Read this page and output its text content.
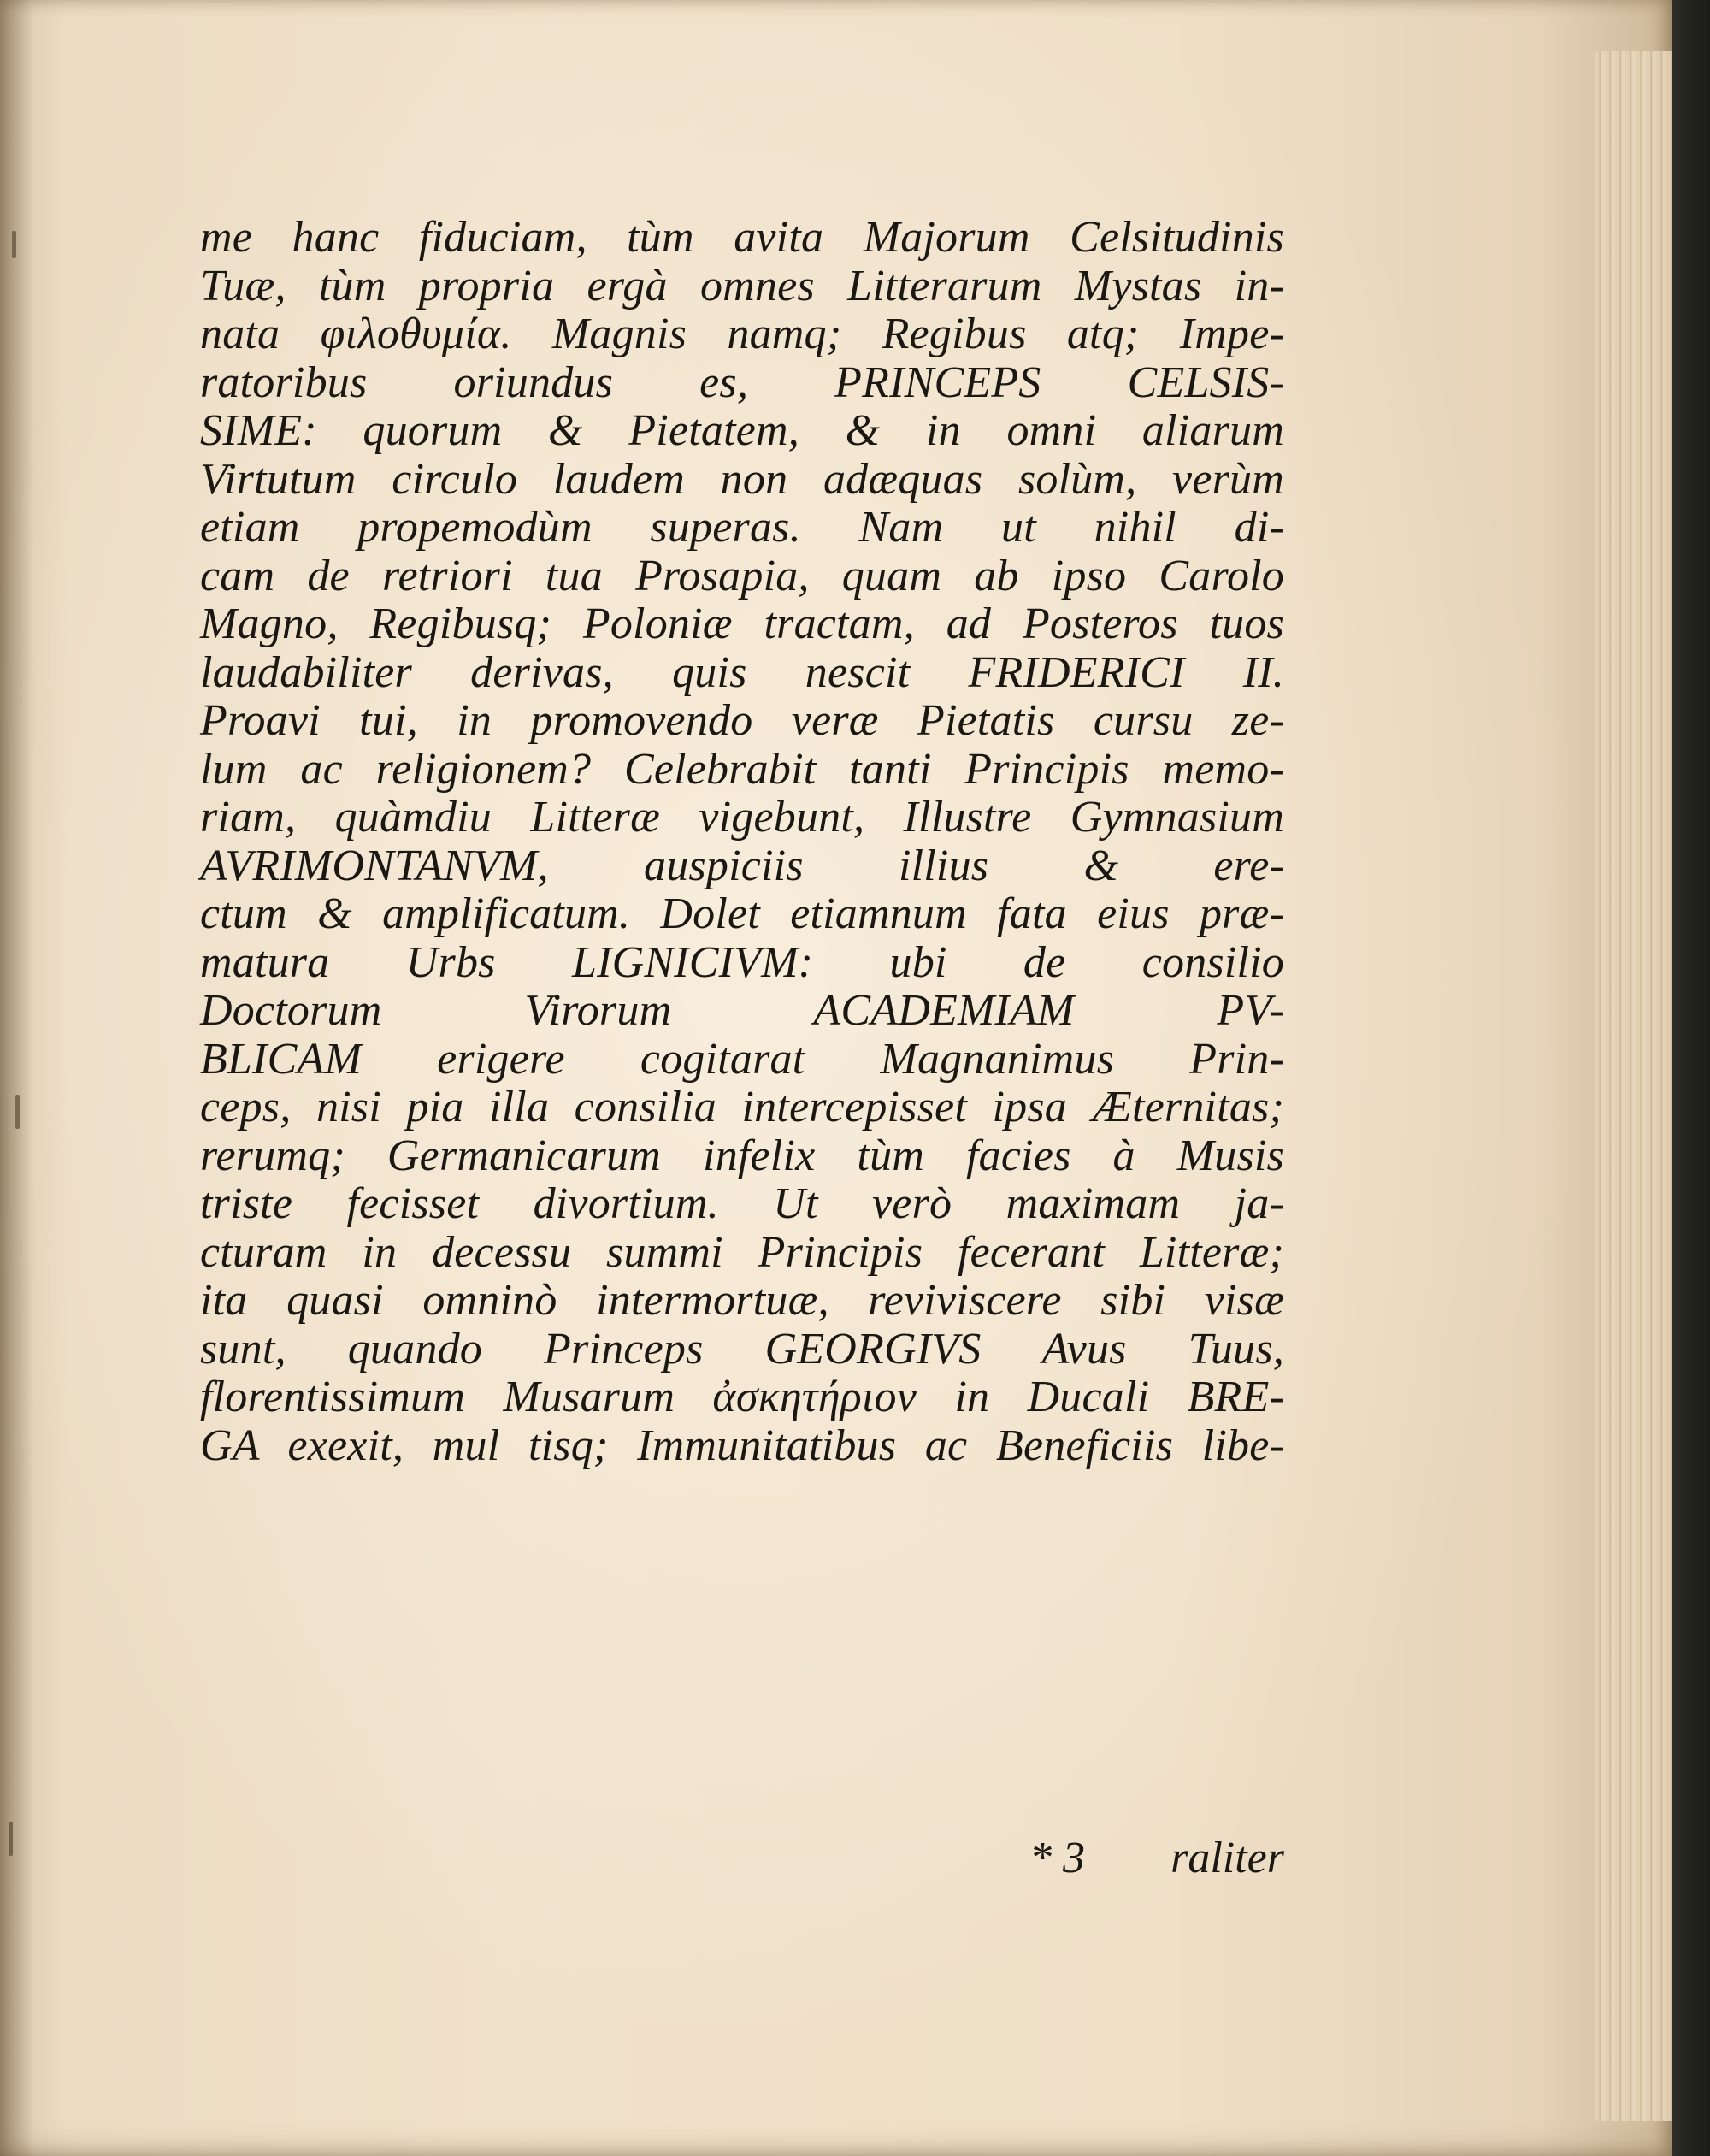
me hanc fiduciam, tùm avita Majorum Celsitudinis
Tuæ, tùm propria ergà omnes Litterarum Mystas in-
nata φιλοθυμία. Magnis namq; Regibus atq; Impe-
ratoribus oriundus es, PRINCEPS CELSIS-
SIME: quorum & Pietatem, & in omni aliarum
Virtutum circulo laudem non adæquas solùm, verùm
etiam propemodùm superas. Nam ut nihil di-
cam de retriori tua Prosapia, quam ab ipso Carolo
Magno, Regibusq; Poloniæ tractam, ad Posteros tuos
laudabiliter derivas, quis nescit FRIDERICI II.
Proavi tui, in promovendo veræ Pietatis cursu ze-
lum ac religionem? Celebrabit tanti Principis memo-
riam, quàmdiu Litteræ vigebunt, Illustre Gymnasium
AVRIMONTANVM, auspiciis illius & ere-
ctum & amplificatum. Dolet etiamnum fata eius præ-
matura Urbs LIGNICIVM: ubi de consilio
Doctorum Virorum ACADEMIAM PV-
BLICAM erigere cogitarat Magnanimus Prin-
ceps, nisi pia illa consilia intercepisset ipsa Æternitas;
rerumq; Germanicarum infelix tùm facies à Musis
triste fecisset divortium. Ut verò maximam ja-
cturam in decessu summi Principis fecerant Litteræ;
ita quasi omninò intermortuæ, reviviscere sibi visæ
sunt, quando Princeps GEORGIVS Avus Tuus,
florentissimum Musarum ἀσκητήριον in Ducali BRE-
GA exexit, mul tisq; Immunitatibus ac Beneficiis libe-
* 3 raliter
